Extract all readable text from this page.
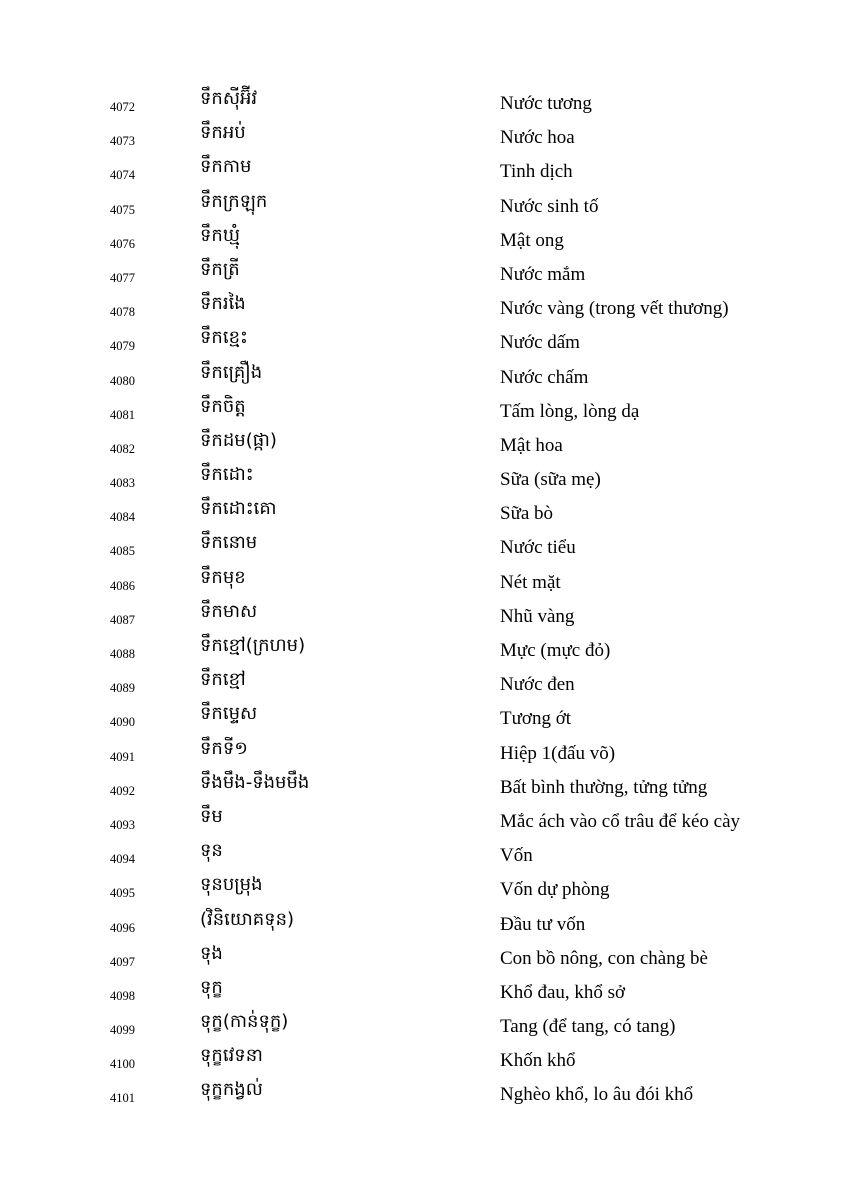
4072	ទឹកស៊ីអ៊ីវ	Nước tương
4073	ទឹកអប់	Nước hoa
4074	ទឹកកាម	Tinh dịch
4075	ទឹកក្រឡុក	Nước sinh tố
4076	ទឹកឃ្មុំ	Mật ong
4077	ទឹកត្រី	Nước mắm
4078	ទឹករងៃ	Nước vàng (trong vết thương)
4079	ទឹកខ្មេះ	Nước dấm
4080	ទឹកគ្រឿង	Nước chấm
4081	ទឹកចិត្ត	Tấm lòng, lòng dạ
4082	ទឹកដម(ផ្កា)	Mật hoa
4083	ទឹកដោះ	Sữa (sữa mẹ)
4084	ទឹកដោះគោ	Sữa bò
4085	ទឹកនោម	Nước tiểu
4086	ទឹកមុខ	Nét mặt
4087	ទឹកមាស	Nhũ vàng
4088	ទឹកខ្មៅ(ក្រហម)	Mực (mực đỏ)
4089	ទឹកខ្មៅ	Nước đen
4090	ទឹកម្ទេស	Tương ớt
4091	ទឹកទី១	Hiệp 1(đấu võ)
4092	ទឹងមឹង-ទឹងមមឹង	Bất bình thường, tửng tửng
4093	ទឹម	Mắc ách vào cổ trâu để kéo cày
4094	ទុន	Vốn
4095	ទុនបម្រុង	Vốn dự phòng
4096	(វិនិយោគទុន)	Đầu tư vốn
4097	ទុង	Con bồ nông, con chàng bè
4098	ទុក្ខ	Khổ đau, khổ sở
4099	ទុក្ខ(កាន់ទុក្ខ)	Tang (để tang, có tang)
4100	ទុក្ខវេទនា	Khốn khổ
4101	ទុក្ខកង្វល់	Nghèo khổ, lo âu đói khổ
